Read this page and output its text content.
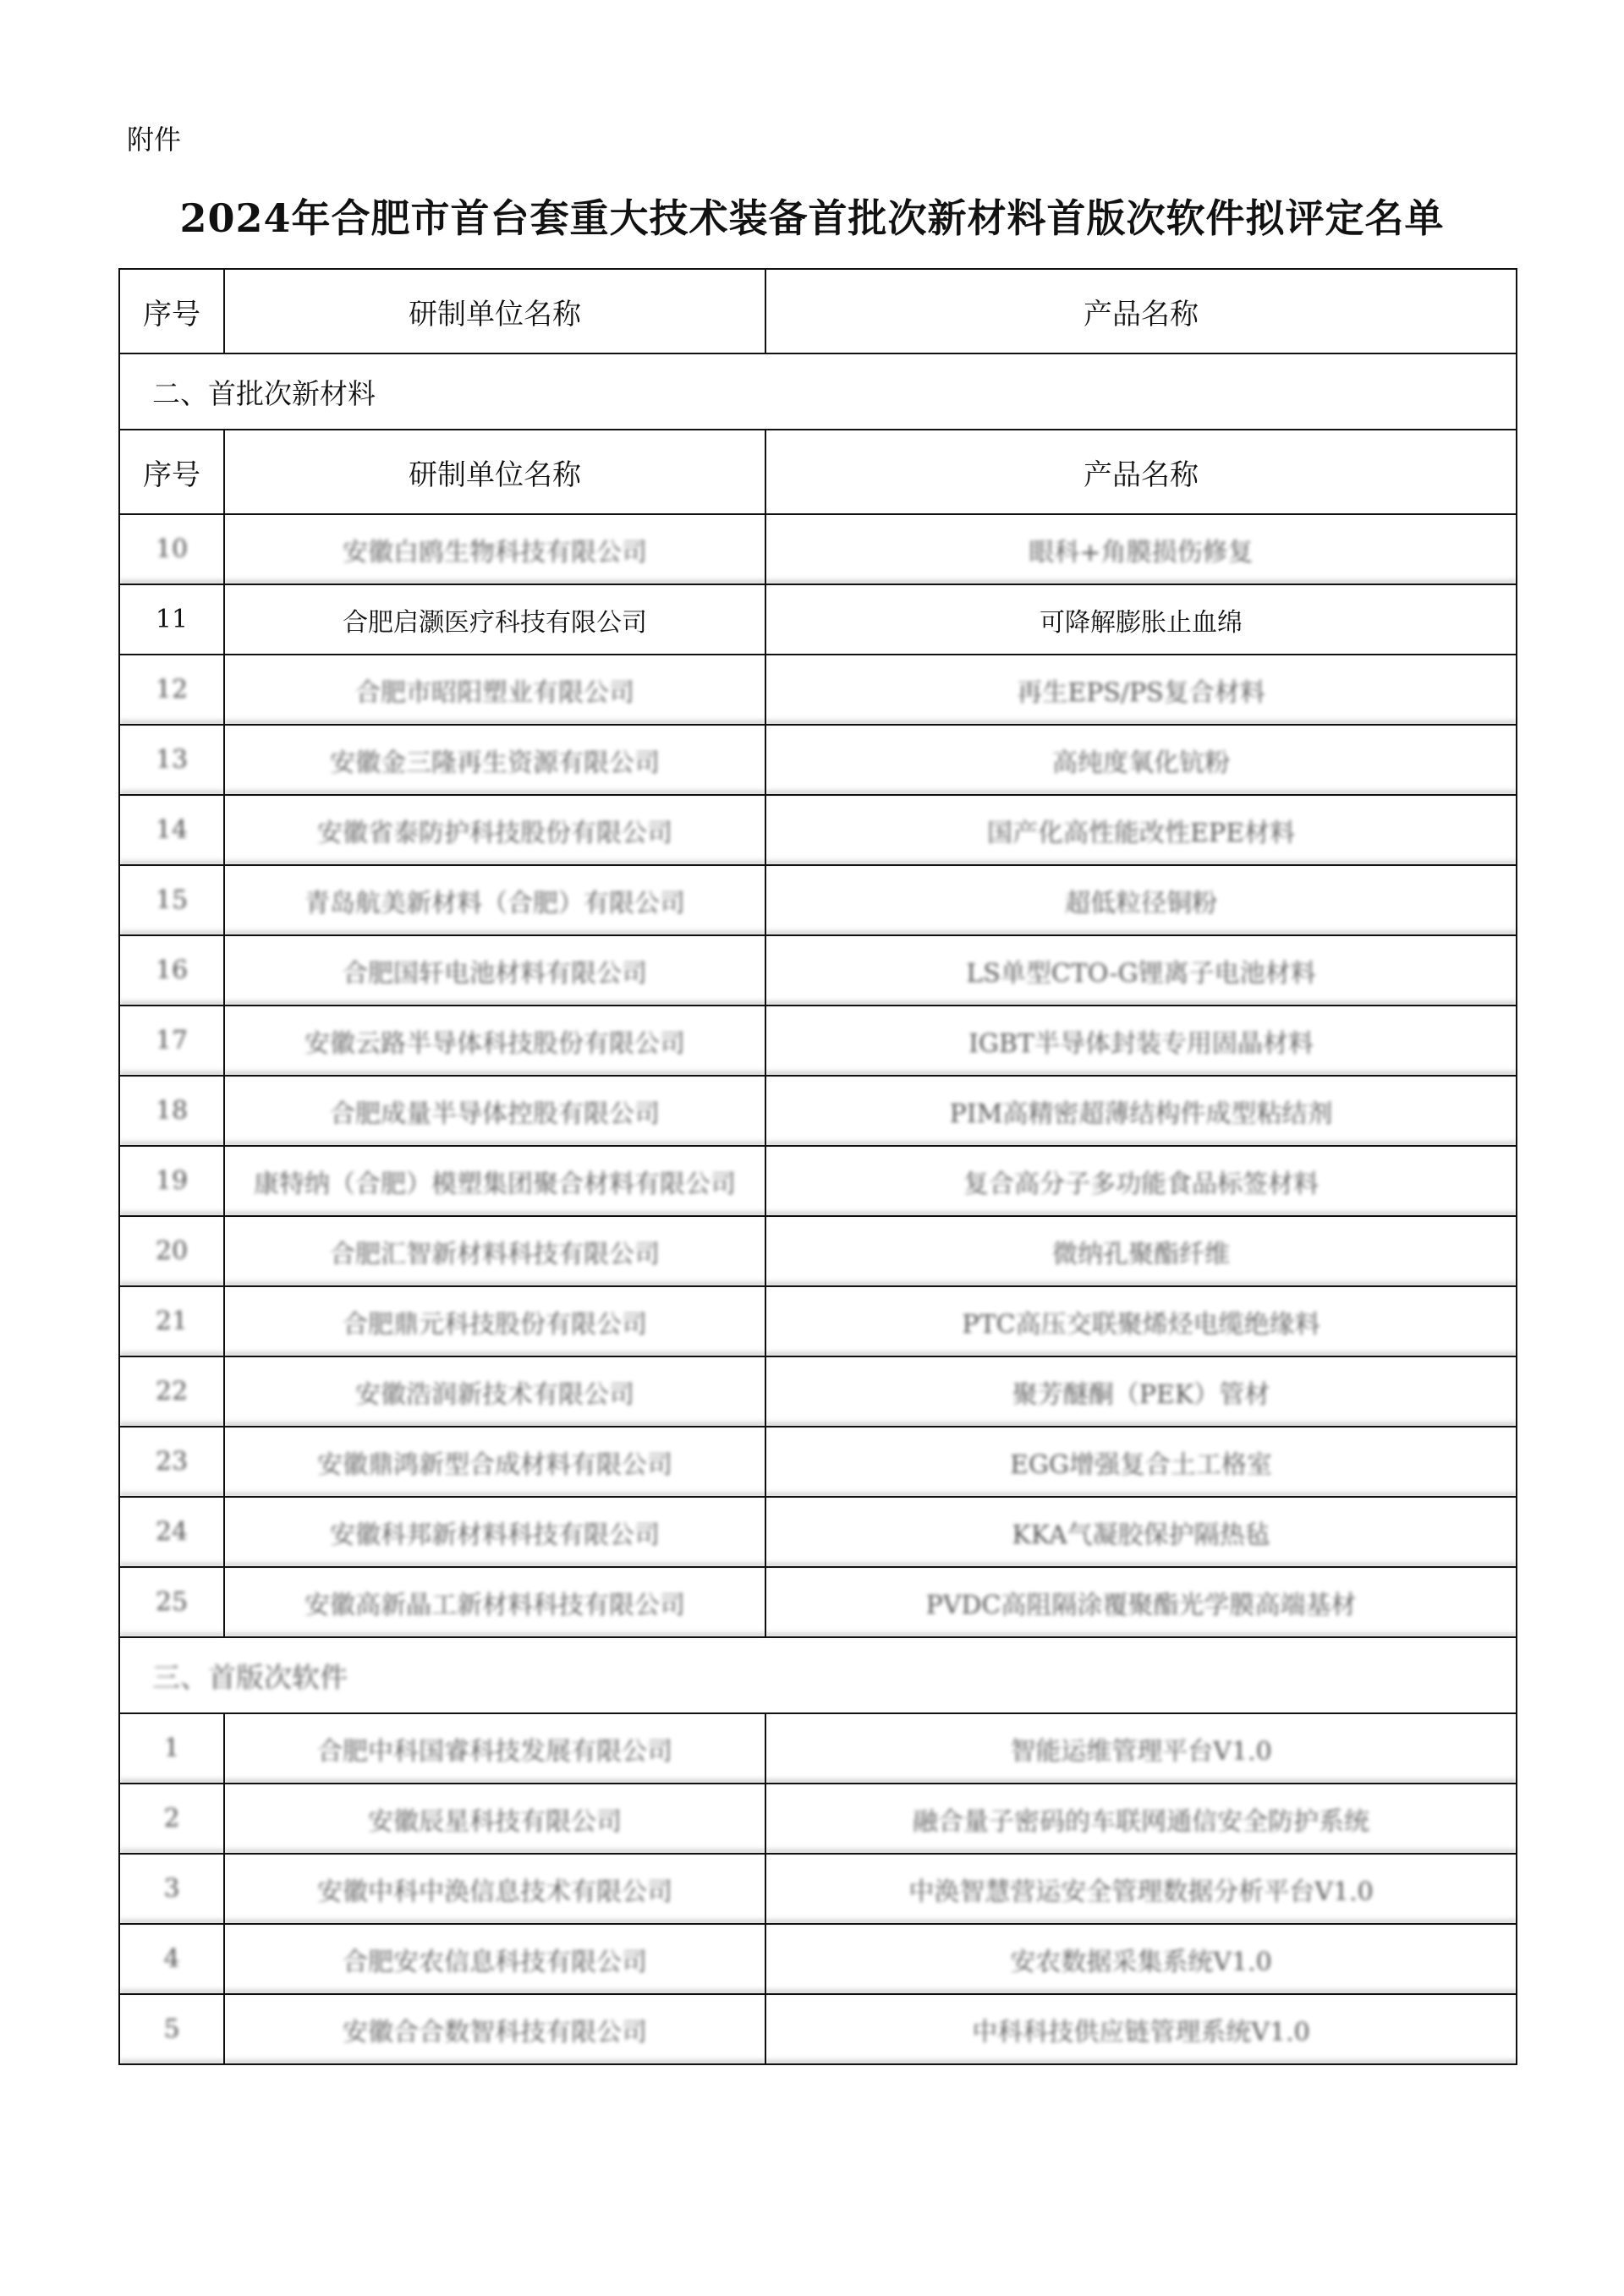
附件
2024年合肥市首台套重大技术装备首批次新材料首版次软件拟评定名单
序号	研制单位名称	产品名称
二、首批次新材料		
序号	研制单位名称	产品名称
10	安徽白鸥生物科技有限公司	眼科+角膜损伤修复
11	合肥启灏医疗科技有限公司	可降解膨胀止血绵
12	合肥市昭阳塑业有限公司	再生EPS/PS复合材料
13	安徽金三隆再生资源有限公司	高纯度氧化钪粉
14	安徽省泰防护科技股份有限公司	国产化高性能改性EPE材料
15	青岛航美新材料（合肥）有限公司	超低粒径铜粉
16	合肥国轩电池材料有限公司	LS单型CTO-G锂离子电池材料
17	安徽云路半导体科技股份有限公司	IGBT半导体封装专用固晶材料
18	合肥成量半导体控股有限公司	PIM高精密超薄结构件成型粘结剂
19	康特纳（合肥）模塑集团聚合材料有限公司	复合高分子多功能食品标签材料
20	合肥汇智新材料科技有限公司	微纳孔聚酯纤维
21	合肥鼎元科技股份有限公司	PTC高压交联聚烯烃电缆绝缘料
22	安徽浩润新技术有限公司	聚芳醚酮（PEK）管材
23	安徽鼎鸿新型合成材料有限公司	EGG增强复合土工格室
24	安徽科邦新材料科技有限公司	KKA气凝胶保护隔热毡
25	安徽高新晶工新材料科技有限公司	PVDC高阻隔涂覆聚酯光学膜高端基材
三、首版次软件		
1	合肥中科国睿科技发展有限公司	智能运维管理平台V1.0
2	安徽辰星科技有限公司	融合量子密码的车联网通信安全防护系统
3	安徽中科中涣信息技术有限公司	中涣智慧营运安全管理数据分析平台V1.0
4	合肥安农信息科技有限公司	安农数据采集系统V1.0
5	安徽合合数智科技有限公司	中科科技供应链管理系统V1.0
